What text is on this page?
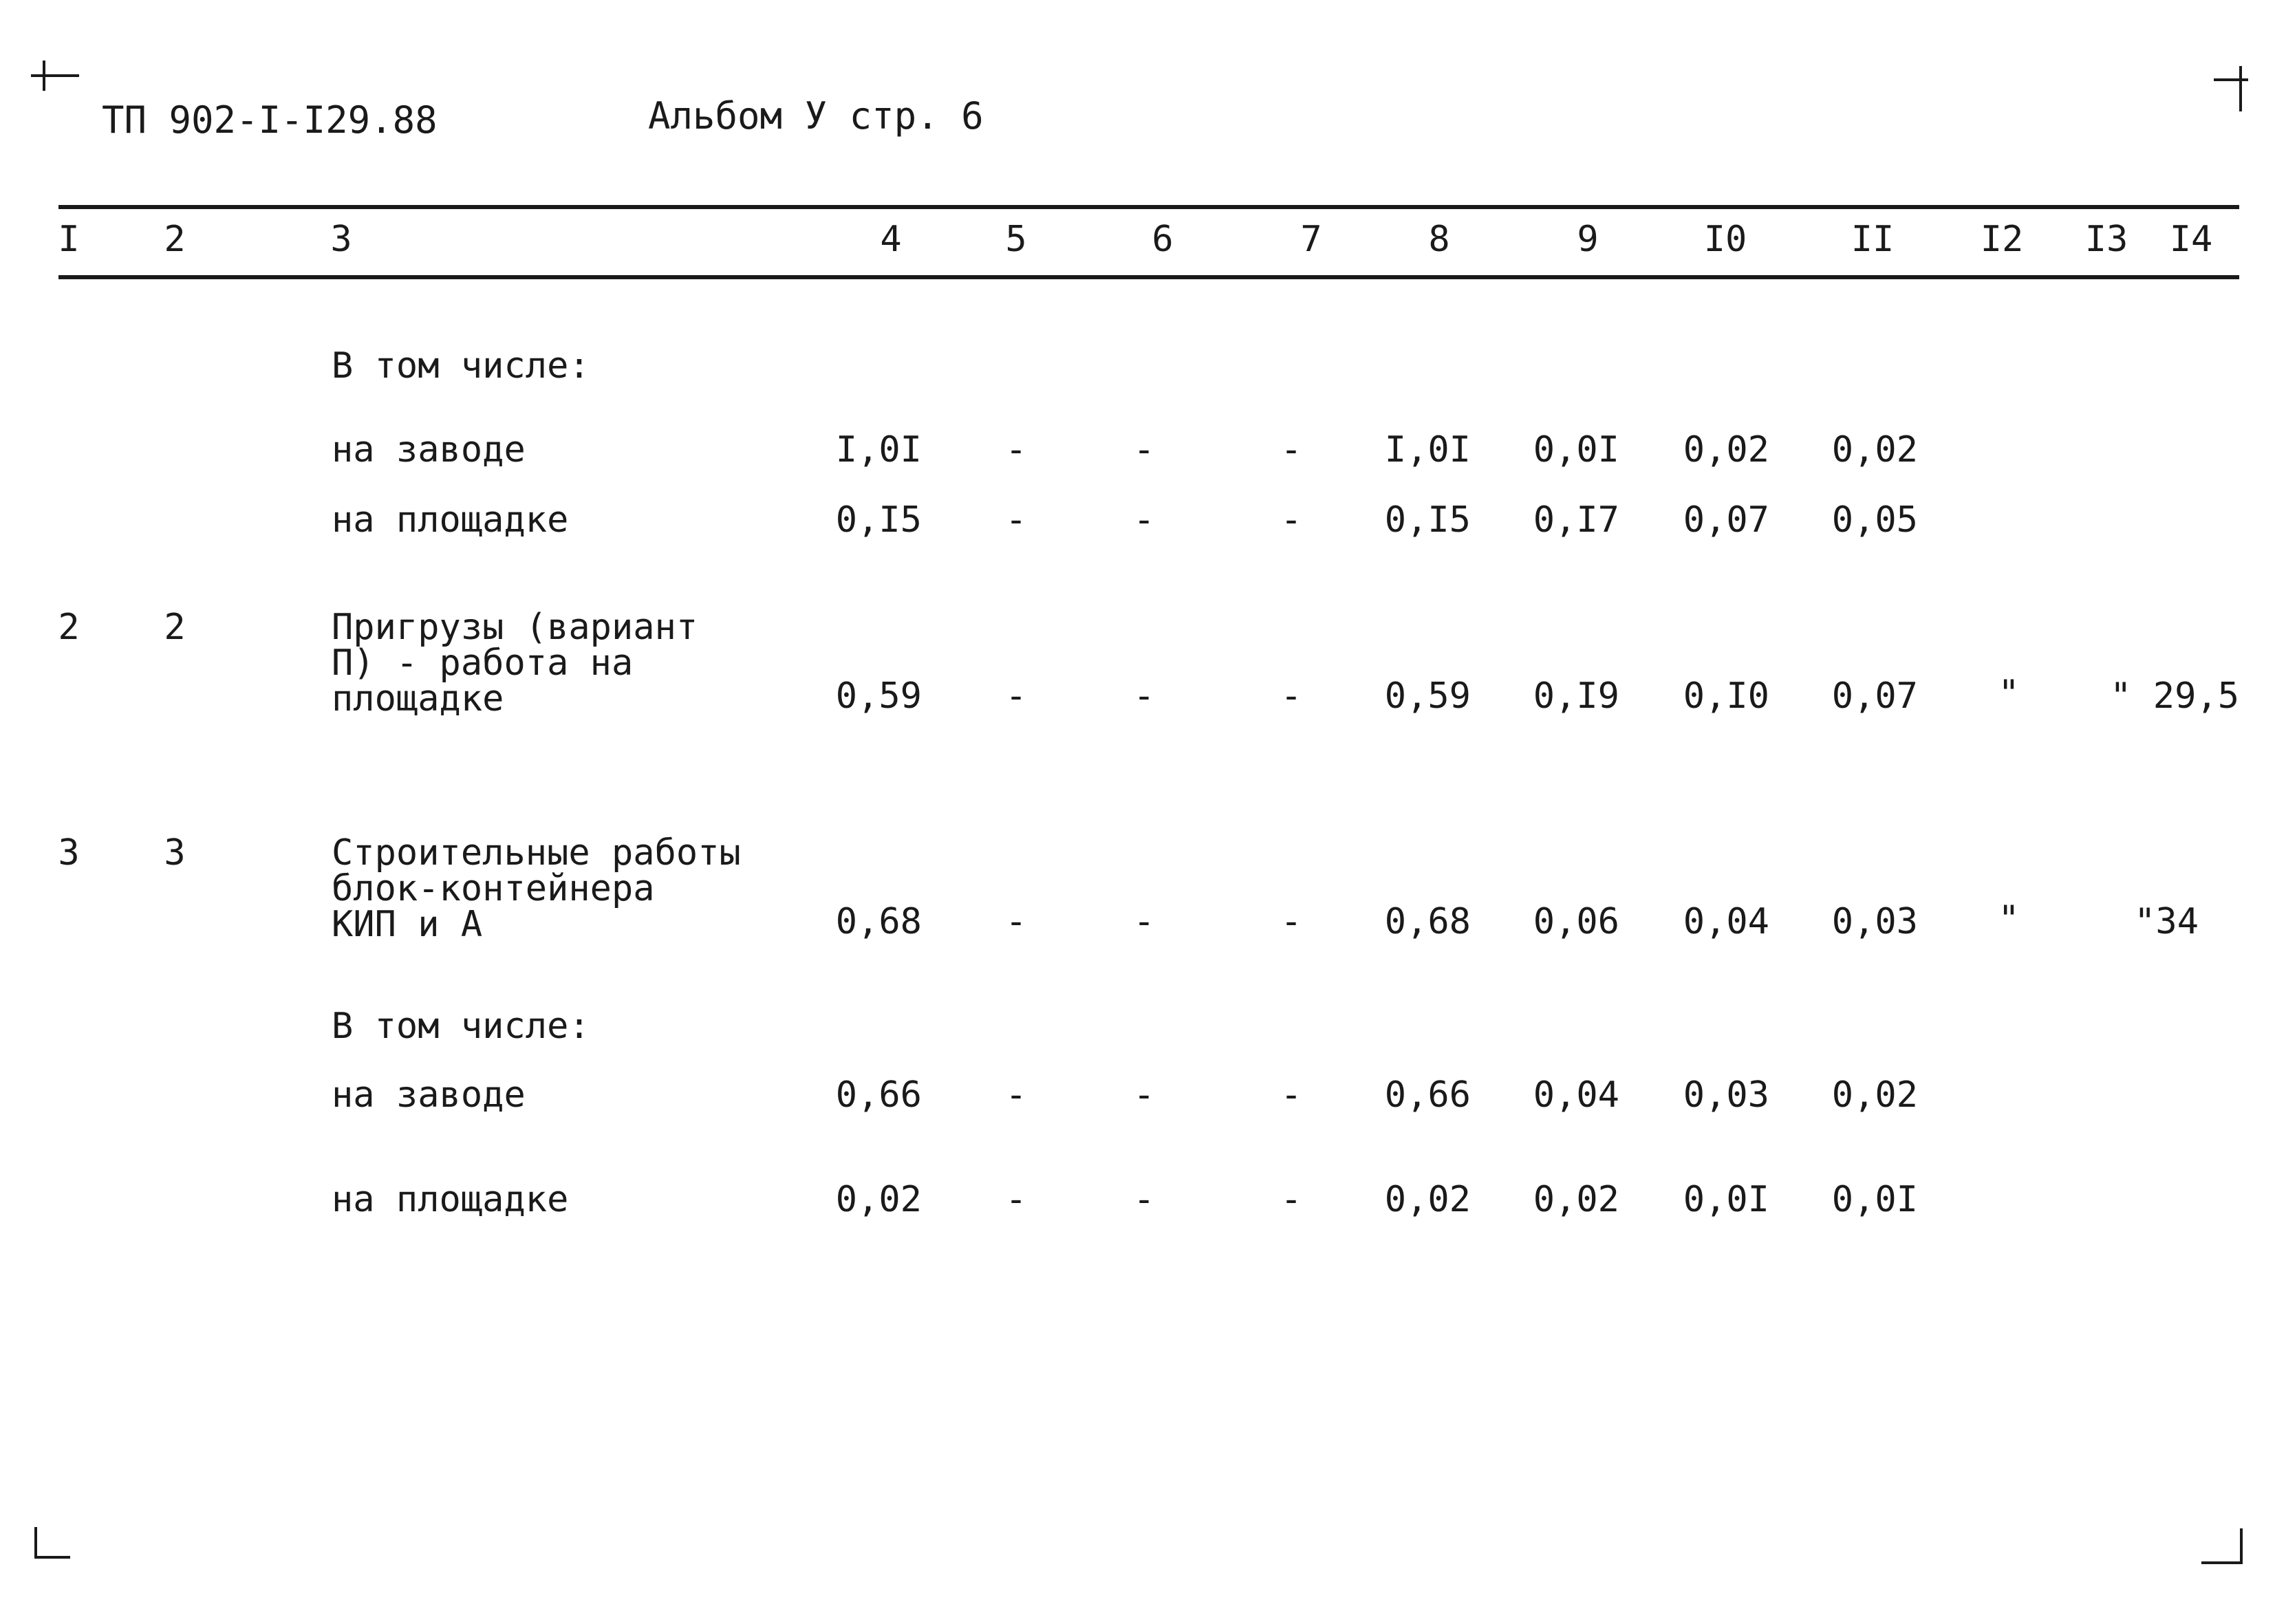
ТП 902-I-I29.88	Альбом У стр. 6
I 2	3	4	5	6	7	8	9	I0	II I2 I3 I4
В том числе:
на заводе	I,0I -	-	- I,0I 0,0I 0,02 0,02
на площадке	0,I5 -	-	- 0,I5 0,I7 0,07 0,05
2 2	Пригрузы (вариант
П) - работа на
площадке	0,59 -	-	- 0,59 0,I9 0,I0 0,07 "	" 29,5
3 3	Строительные работы
блок-контейнера
КИП и А	0,68 -	-	- 0,68 0,06 0,04 0,03 "	"34
В том числе:
на заводе	0,66 -	-	- 0,66 0,04 0,03 0,02
на площадке	0,02 -	-	- 0,02 0,02 0,0I 0,0I
